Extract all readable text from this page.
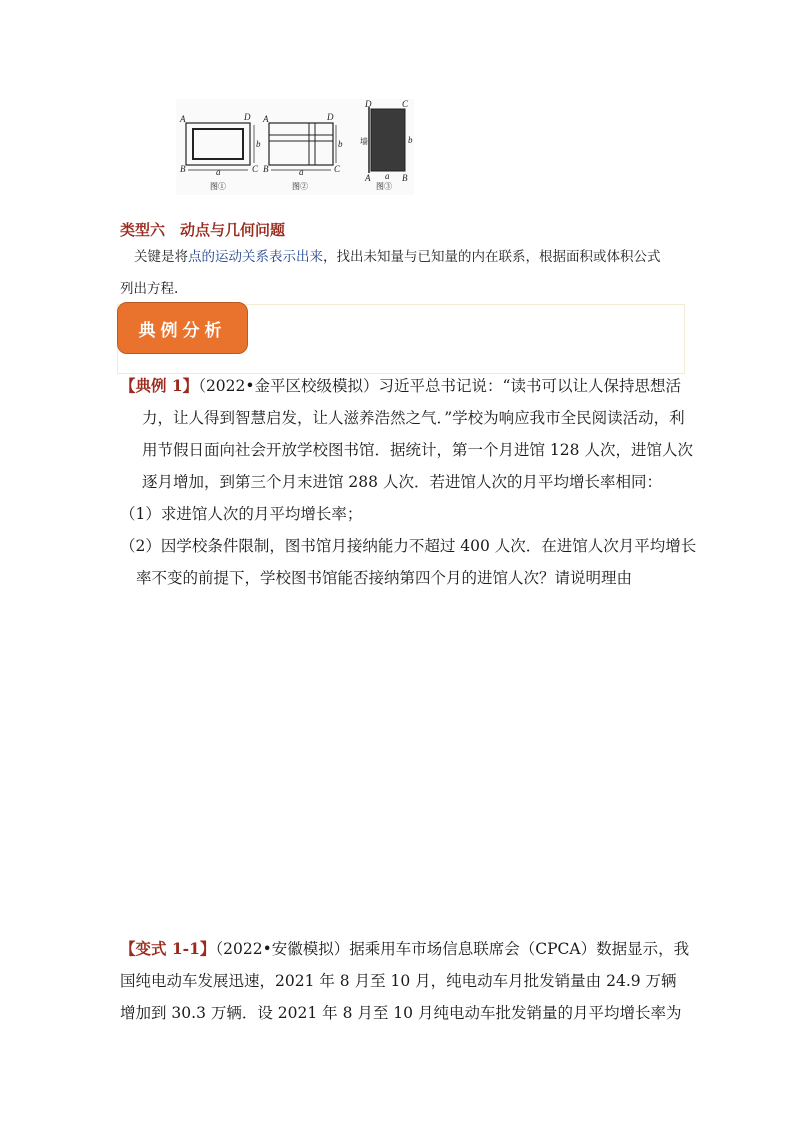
A
B	C
D
b
a
图①
A
B	C
D
b
a
图②
D	C
A	B
墙	b
a
图③
类型六　动点与几何问题
关键是将点的运动关系表示出来，找出未知量与已知量的内在联系，根据面积或体积公式
列出方程.
典例分析

【典例 1】（2022•金平区校级模拟）习近平总书记说：“读书可以让人保持思想活力，让人得到智慧启发，让人滋养浩然之气．”学校为响应我市全民阅读活动，利用节假日面向社会开放学校图书馆．据统计，第一个月进馆 128 人次，进馆人次逐月增加，到第三个月末进馆 288 人次．若进馆人次的月平均增长率相同：

（1）求进馆人次的月平均增长率；

（2）因学校条件限制，图书馆月接纳能力不超过 400 人次．在进馆人次月平均增长率不变的前提下，学校图书馆能否接纳第四个月的进馆人次？请说明理由

【变式 1-1】（2022•安徽模拟）据乘用车市场信息联席会（CPCA）数据显示，我国纯电动车发展迅速，2021 年 8 月至 10 月，纯电动车月批发销量由 24.9 万辆增加到 30.3 万辆．设 2021 年 8 月至 10 月纯电动车批发销量的月平均增长率为
